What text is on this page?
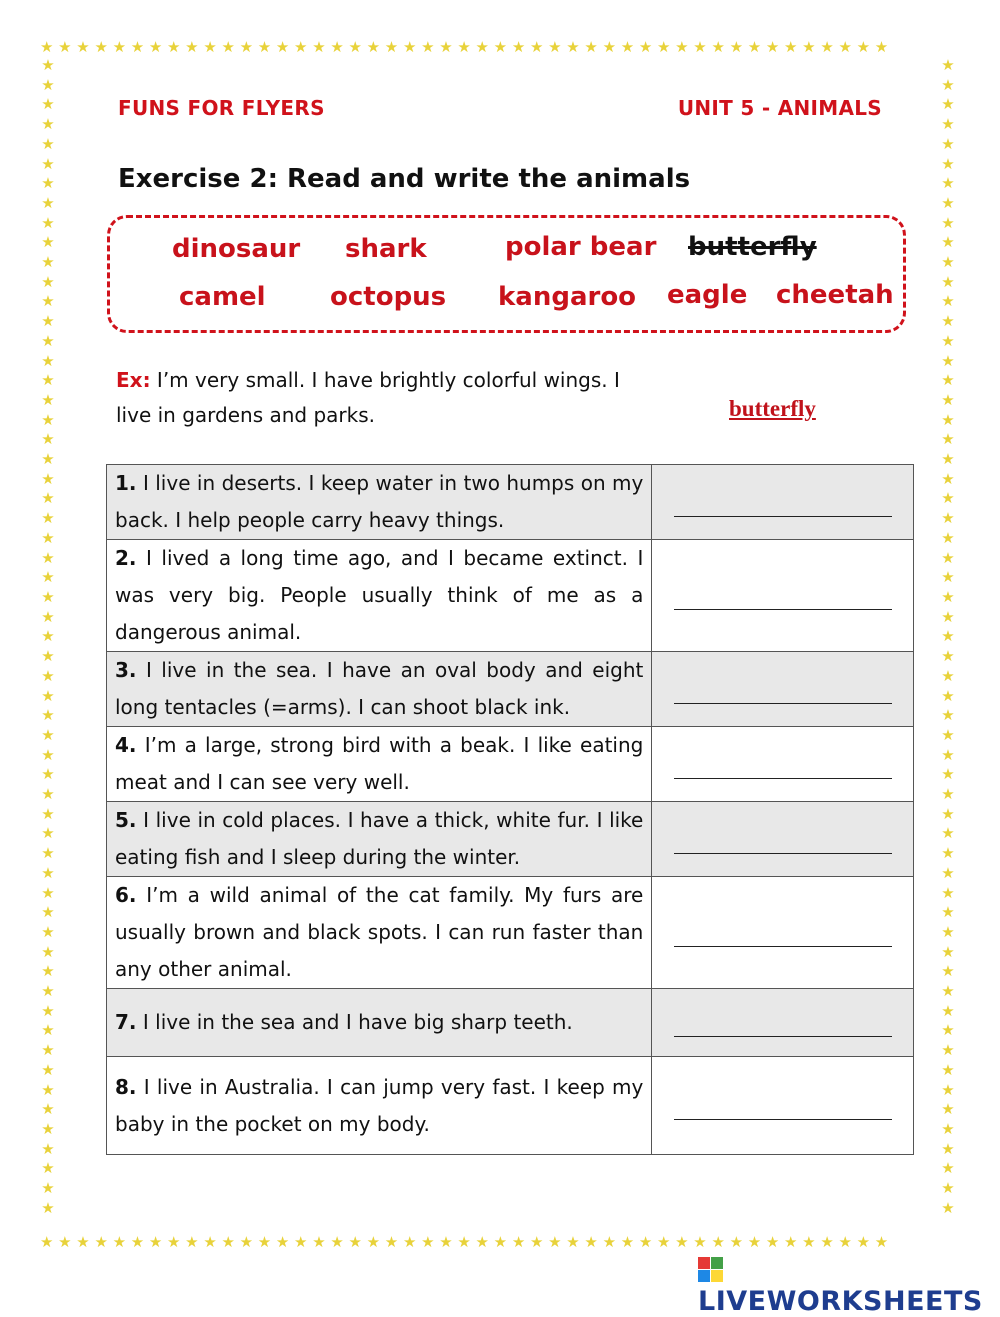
★★★★★★★★★★★★★★★★★★★★★★★★★★★★★★★★★★★★★★★★★★★★★★★
★★★★★★★★★★★★★★★★★★★★★★★★★★★★★★★★★★★★★★★★★★★★★★★
★ ★ ★ ★ ★ ★ ★ ★ ★ ★ ★ ★ ★ ★ ★ ★ ★ ★ ★ ★ ★ ★ ★ ★ ★ ★ ★ ★ ★ ★ ★ ★ ★ ★ ★ ★ ★ ★ ★ ★ ★ ★ ★ ★ ★ ★ ★ ★ ★ ★ ★ ★ ★ ★ ★ ★ ★ ★ ★
★ ★ ★ ★ ★ ★ ★ ★ ★ ★ ★ ★ ★ ★ ★ ★ ★ ★ ★ ★ ★ ★ ★ ★ ★ ★ ★ ★ ★ ★ ★ ★ ★ ★ ★ ★ ★ ★ ★ ★ ★ ★ ★ ★ ★ ★ ★ ★ ★ ★ ★ ★ ★ ★ ★ ★ ★ ★ ★
FUNS FOR FLYERS	UNIT 5 - ANIMALS
Exercise 2: Read and write the animals
dinosaur shark	polar bear butterfly
camel octopus kangaroo eagle cheetah
Ex: I’m very small. I have brightly colorful wings. I live in gardens and parks.	butterfly
1. I live in deserts. I keep water in two humps on my back. I help people carry heavy things.	
2. I lived a long time ago, and I became extinct. I was very big. People usually think of me as a dangerous animal.	
3. I live in the sea. I have an oval body and eight long tentacles (=arms). I can shoot black ink.	
4. I’m a large, strong bird with a beak. I like eating meat and I can see very well.	
5. I live in cold places. I have a thick, white fur. I like eating fish and I sleep during the winter.	
6. I’m a wild animal of the cat family. My furs are usually brown and black spots. I can run faster than any other animal.	
7. I live in the sea and I have big sharp teeth.	
8. I live in Australia. I can jump very fast. I keep my baby in the pocket on my body.	
LIVEWORKSHEETS
